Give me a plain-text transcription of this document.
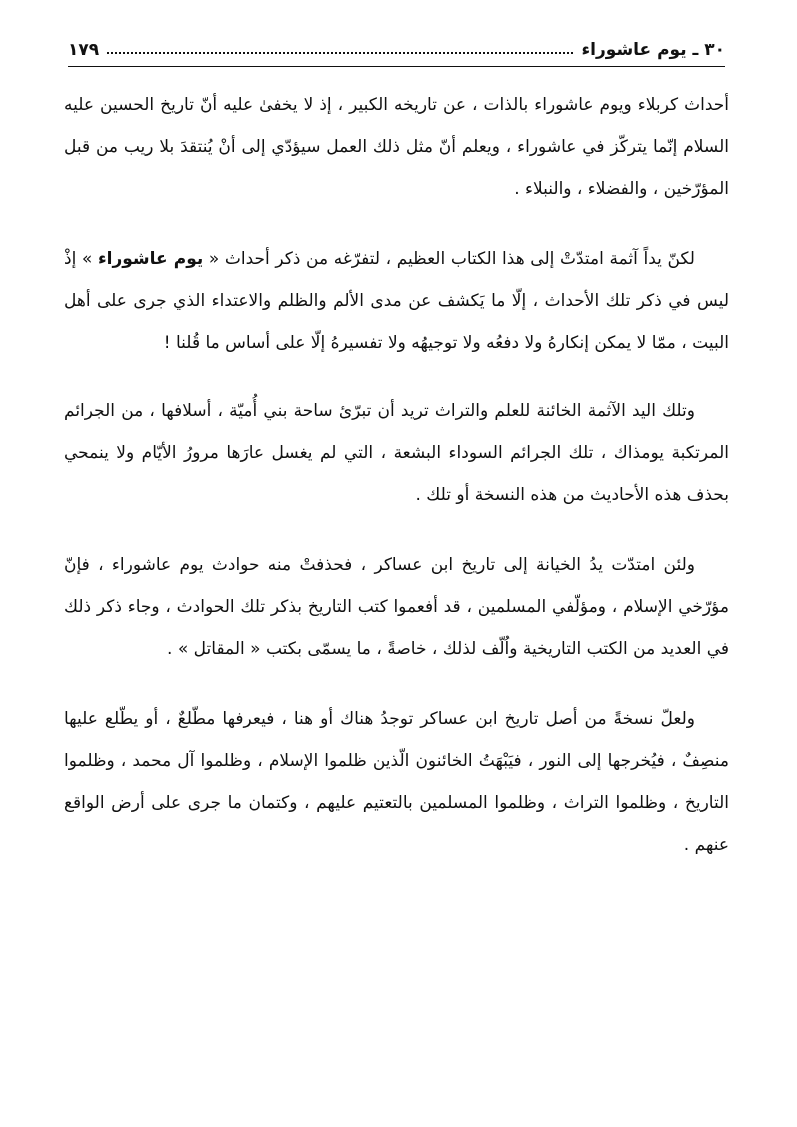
٣٠ ـ يوم عاشوراء
١٧٩

أحداث كربلاء ويوم عاشوراء بالذات ، عن تاريخه الكبير ، إذ لا يخفىٰ عليه أنّ تاريخ الحسين عليه السلام إنّما يتركّز في عاشوراء ، ويعلم أنّ مثل ذلك العمل سيؤدّي إلى أنْ يُنتقدَ بلا ريب من قبل المؤرّخين ، والفضلاء ، والنبلاء .

لكنّ يداً آثمة امتدّتْ إلى هذا الكتاب العظيم ، لتفرّغه من ذكر أحداث « يوم عاشوراء » إذْ ليس في ذكر تلك الأحداث ، إلّا ما يَكشف عن مدى الألم والظلم والاعتداء الذي جرى على أهل البيت ، ممّا لا يمكن إنكارهُ ولا دفعُه ولا توجيهُه ولا تفسيرهُ إلّا على أساس ما قُلنا !

وتلك اليد الآثمة الخائنة للعلم والتراث تريد أن تبرّئ ساحة بني أُميّة ، أسلافها ، من الجرائم المرتكبة يومذاك ، تلك الجرائم السوداء البشعة ، التي لم يغسل عارَها مرورُ الأيّام ولا ينمحي بحذف هذه الأحاديث من هذه النسخة أو تلك .

ولئن امتدّت يدُ الخيانة إلى تاريخ ابن عساكر ، فحذفتْ منه حوادث يوم عاشوراء ، فإنّ مؤرّخي الإسلام ، ومؤلّفي المسلمين ، قد أفعموا كتب التاريخ بذكر تلك الحوادث ، وجاء ذكر ذلك في العديد من الكتب التاريخية واُلّف لذلك ، خاصةً ، ما يسمّى بكتب « المقاتل » .

ولعلّ نسخةً من أصل تاريخ ابن عساكر توجدُ هناك أو هنا ، فيعرفها مطّلعٌ ، أو يطّلع عليها منصِفٌ ، فيُخرجها إلى النور ، فيَبْهَتُ الخائنون الّذين ظلموا الإسلام ، وظلموا آل محمد ، وظلموا التاريخ ، وظلموا التراث ، وظلموا المسلمين بالتعتيم عليهم ، وكتمان ما جرى على أرض الواقع عنهم .
